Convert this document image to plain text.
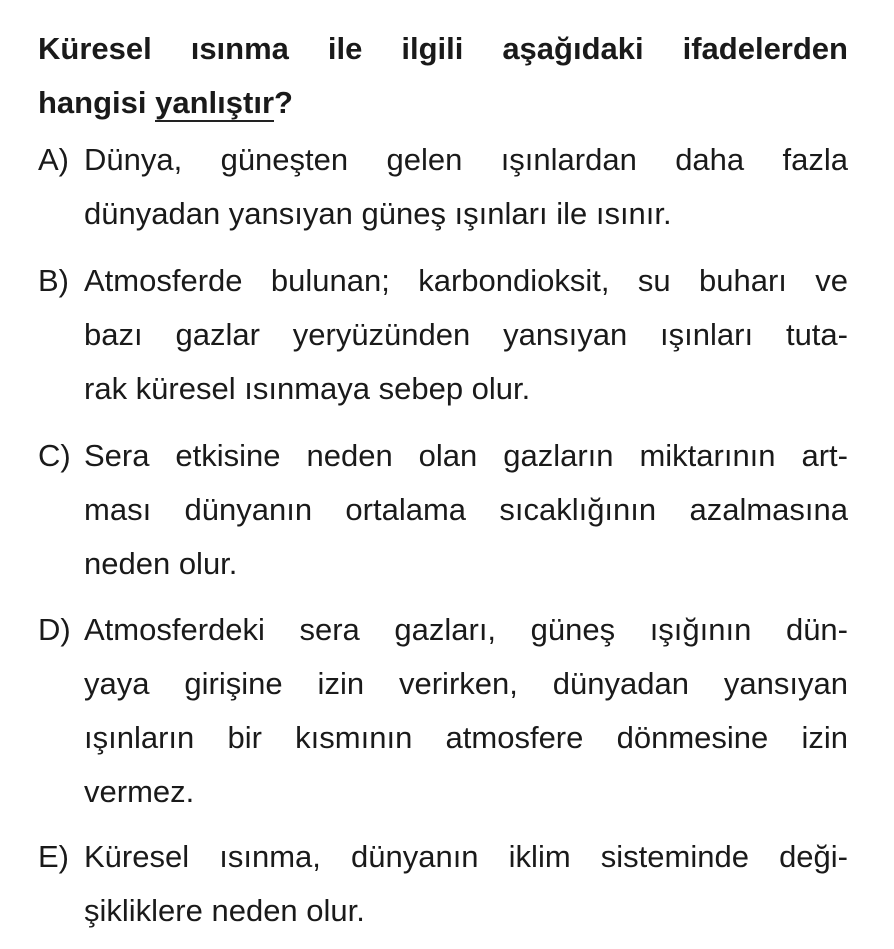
Küresel ısınma ile ilgili aşağıdaki ifadelerden
hangisi yanlıştır?
A) Dünya, güneşten gelen ışınlardan daha fazla
dünyadan yansıyan güneş ışınları ile ısınır.
B) Atmosferde bulunan; karbondioksit, su buharı ve
bazı gazlar yeryüzünden yansıyan ışınları tuta-
rak küresel ısınmaya sebep olur.
C) Sera etkisine neden olan gazların miktarının art-
ması dünyanın ortalama sıcaklığının azalmasına
neden olur.
D) Atmosferdeki sera gazları, güneş ışığının dün-
yaya girişine izin verirken, dünyadan yansıyan
ışınların bir kısmının atmosfere dönmesine izin
vermez.
E) Küresel ısınma, dünyanın iklim sisteminde deği-
şikliklere neden olur.
